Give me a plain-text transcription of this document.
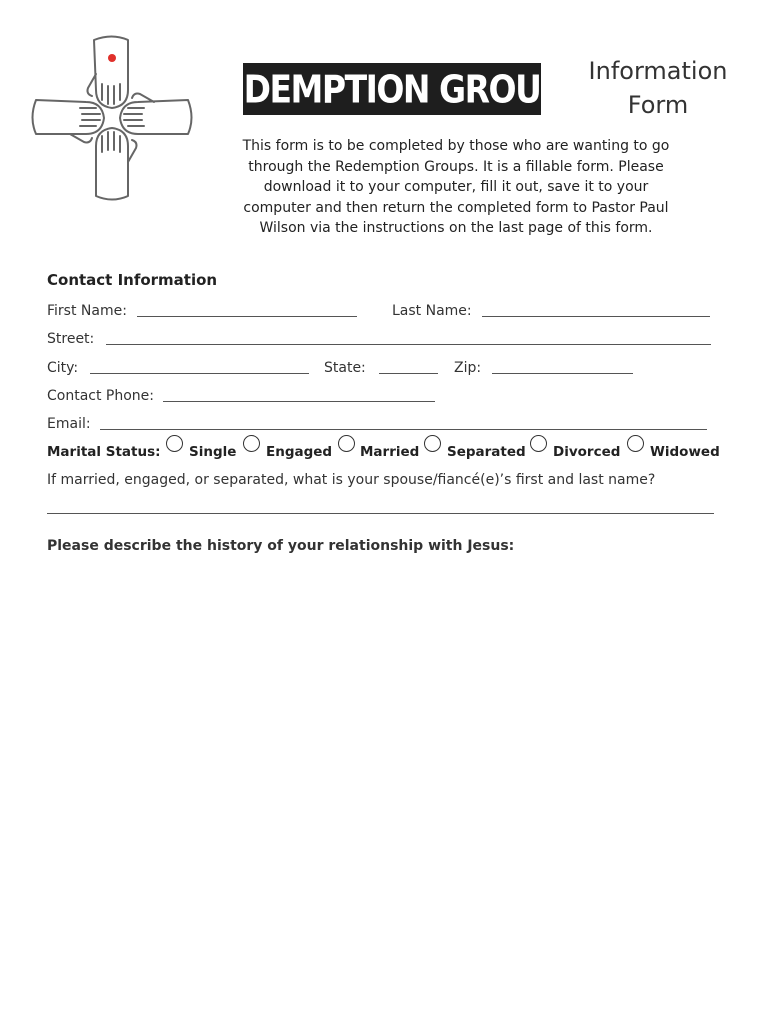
REDEMPTION GROUPS Information
Form
This form is to be completed by those who are wanting to go through the Redemption Groups. It is a fillable form. Please download it to your computer, fill it out, save it to your computer and then return the completed form to Pastor Paul Wilson via the instructions on the last page of this form.
Contact Information
First Name:	Last Name:
Street:
City:	State:	Zip:
Contact Phone:
Email:
Marital Status: Single Engaged Married Separated Divorced Widowed
If married, engaged, or separated, what is your spouse/fiancé(e)’s first and last name?
Please describe the history of your relationship with Jesus:
